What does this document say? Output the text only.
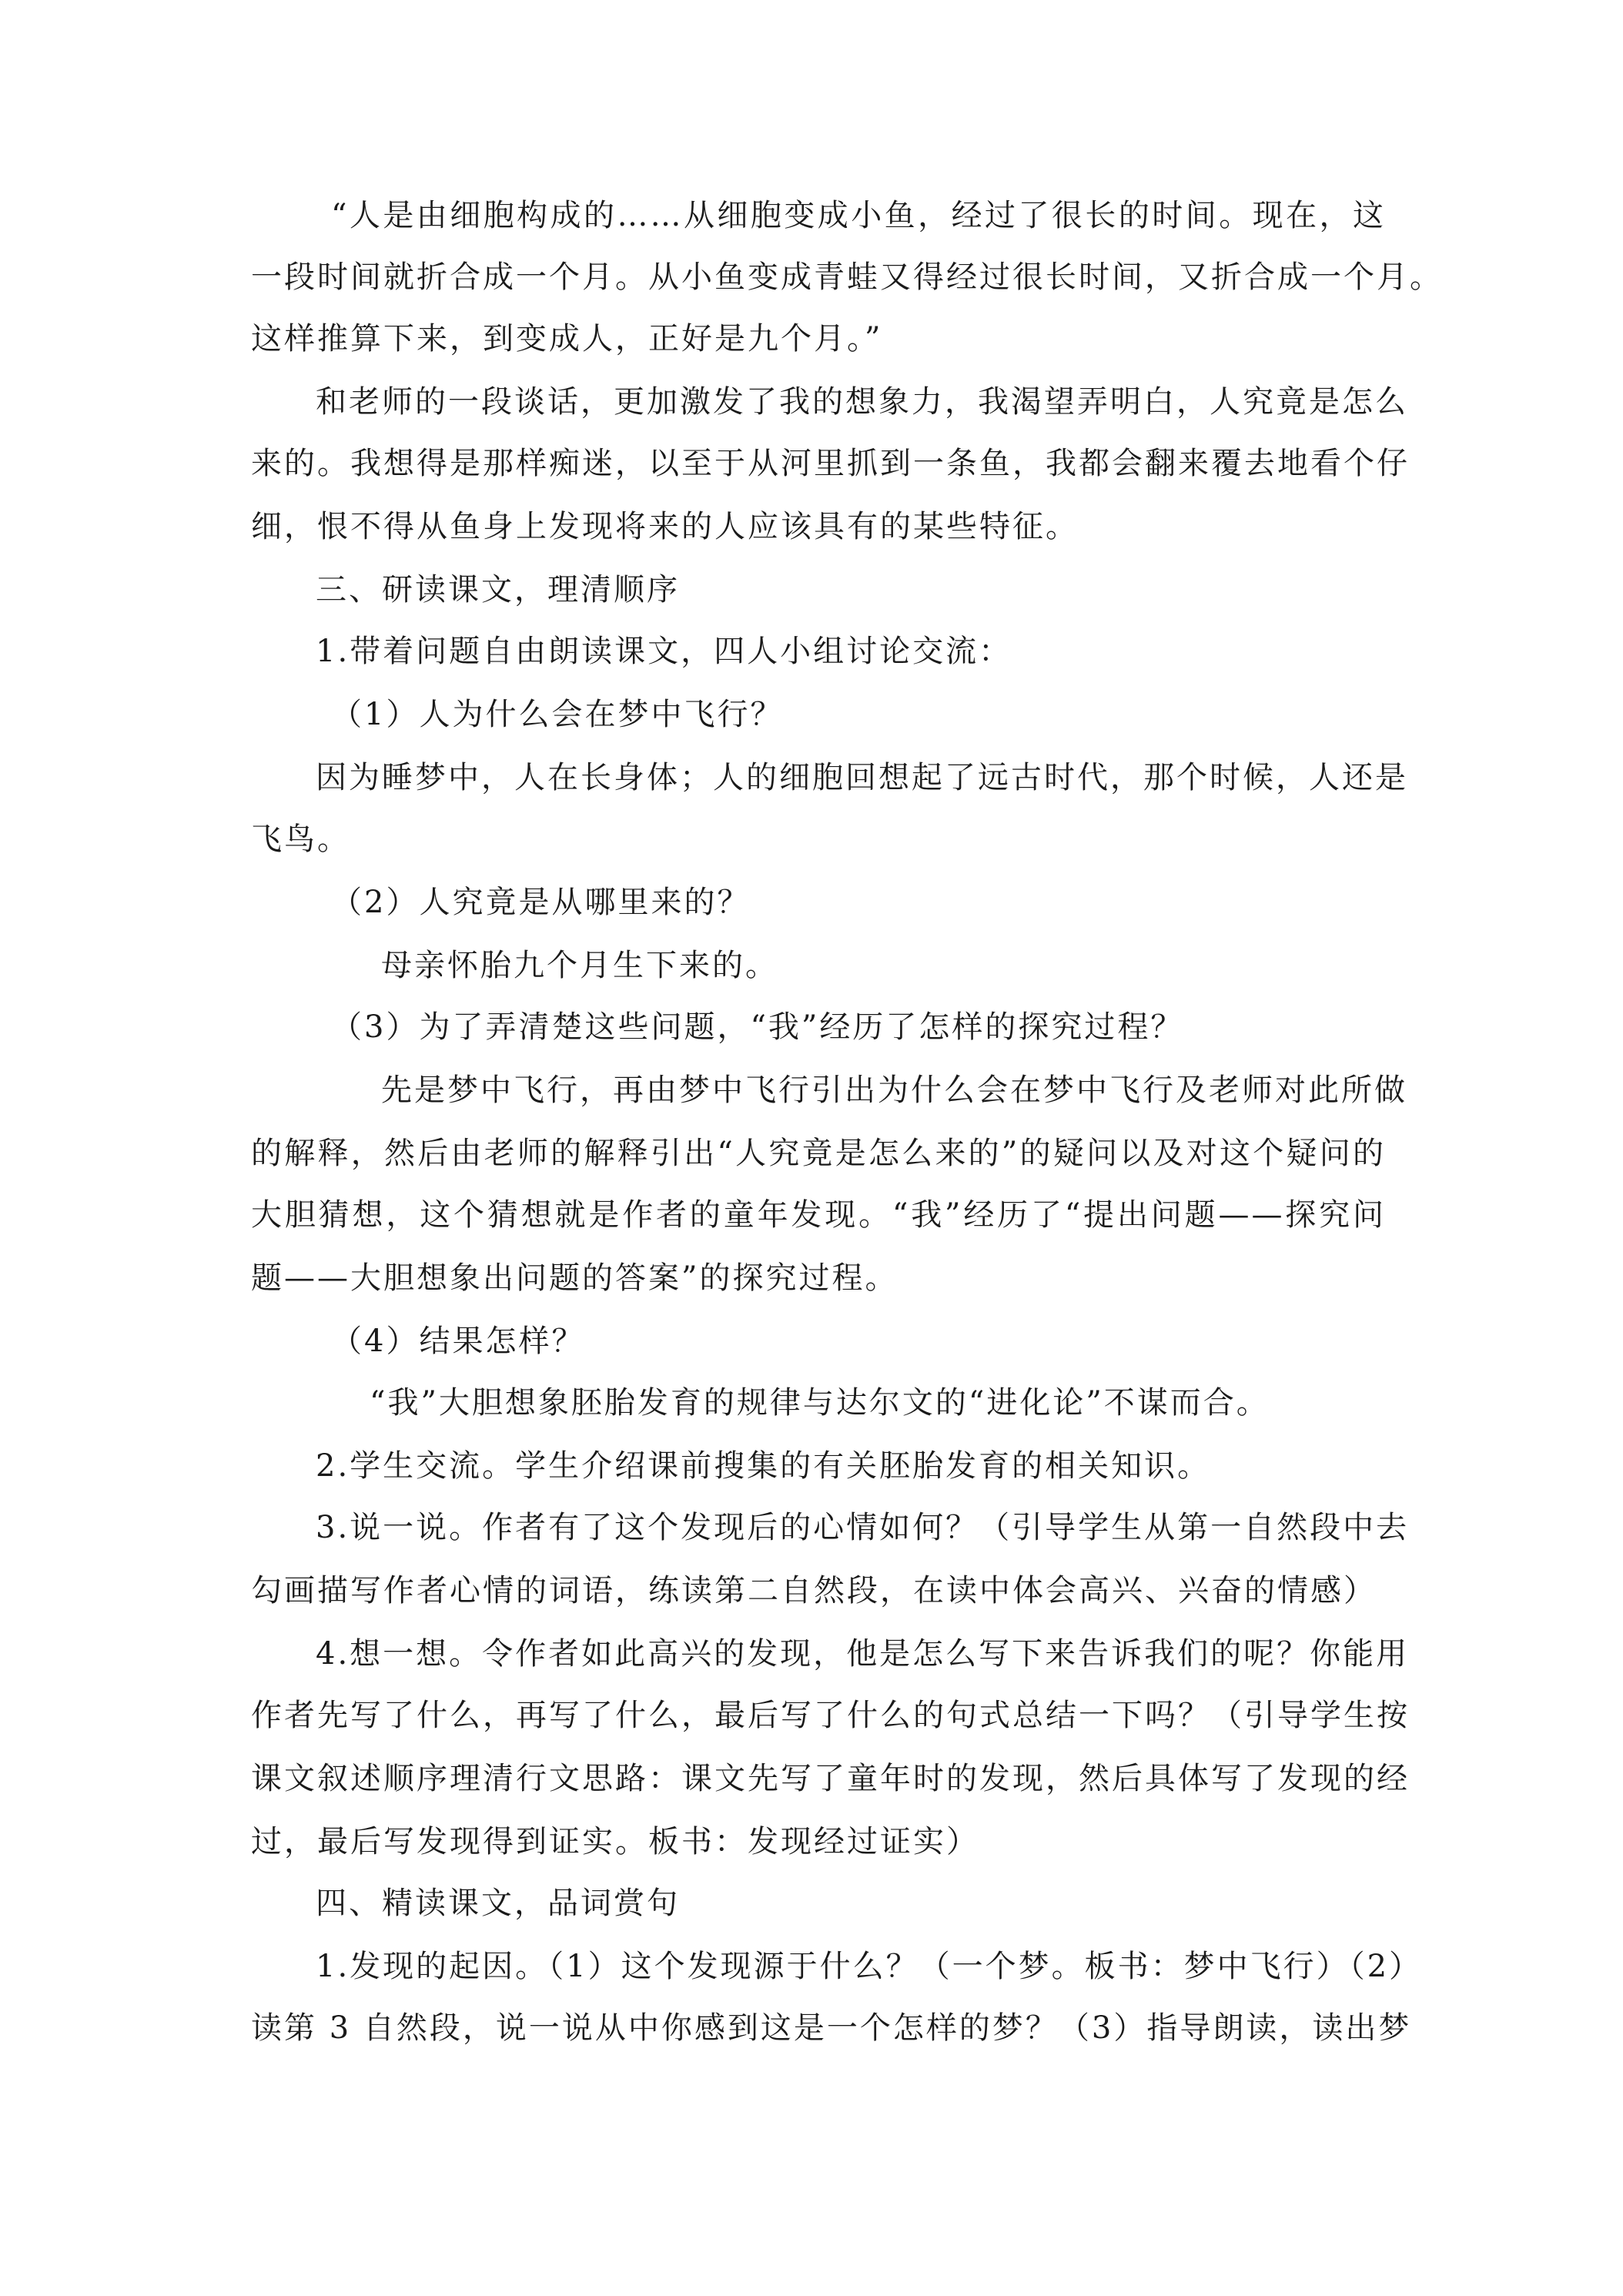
“人是由细胞构成的……从细胞变成小鱼，经过了很长的时间。现在，这
一段时间就折合成一个月。从小鱼变成青蛙又得经过很长时间，又折合成一个月。
这样推算下来，到变成人，正好是九个月。”
和老师的一段谈话，更加激发了我的想象力，我渴望弄明白，人究竟是怎么
来的。我想得是那样痴迷，以至于从河里抓到一条鱼，我都会翻来覆去地看个仔
细，恨不得从鱼身上发现将来的人应该具有的某些特征。
三、研读课文，理清顺序
1.带着问题自由朗读课文，四人小组讨论交流：
（1）人为什么会在梦中飞行？
因为睡梦中，人在长身体；人的细胞回想起了远古时代，那个时候，人还是
飞鸟。
（2）人究竟是从哪里来的？
母亲怀胎九个月生下来的。
（3）为了弄清楚这些问题，“我”经历了怎样的探究过程？
先是梦中飞行，再由梦中飞行引出为什么会在梦中飞行及老师对此所做
的解释，然后由老师的解释引出“人究竟是怎么来的”的疑问以及对这个疑问的
大胆猜想，这个猜想就是作者的童年发现。“我”经历了“提出问题——探究问
题——大胆想象出问题的答案”的探究过程。
（4）结果怎样？
“我”大胆想象胚胎发育的规律与达尔文的“进化论”不谋而合。
2.学生交流。学生介绍课前搜集的有关胚胎发育的相关知识。
3.说一说。作者有了这个发现后的心情如何？（引导学生从第一自然段中去
勾画描写作者心情的词语，练读第二自然段，在读中体会高兴、兴奋的情感）
4.想一想。令作者如此高兴的发现，他是怎么写下来告诉我们的呢？你能用
作者先写了什么，再写了什么，最后写了什么的句式总结一下吗？（引导学生按
课文叙述顺序理清行文思路：课文先写了童年时的发现，然后具体写了发现的经
过，最后写发现得到证实。板书：发现经过证实）
四、精读课文，品词赏句
1.发现的起因。（1）这个发现源于什么？（一个梦。板书：梦中飞行）（2）
读第 3 自然段，说一说从中你感到这是一个怎样的梦？（3）指导朗读，读出梦
